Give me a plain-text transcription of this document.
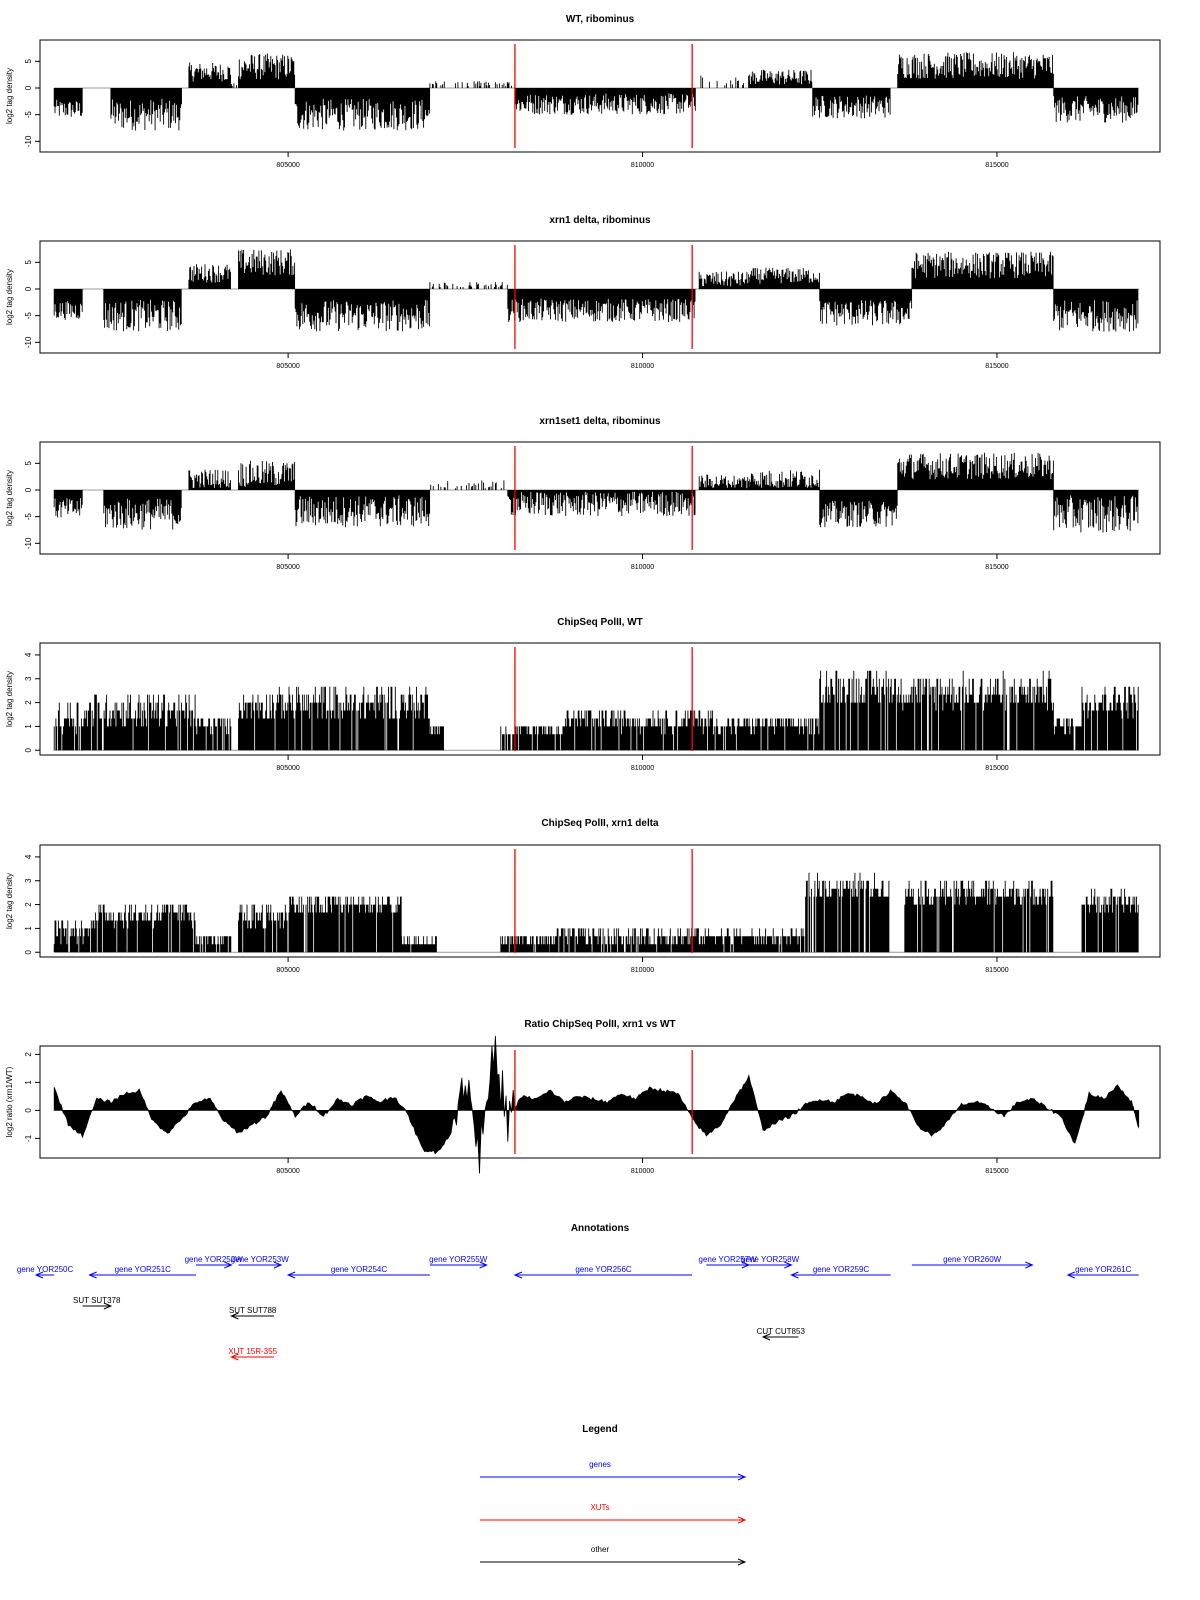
WT, ribominus
log2 tag density
-10
-5
0
5
805000	810000	815000
xrn1 delta, ribominus
log2 tag density
-10
-5
0
5
805000	810000	815000
xrn1set1 delta, ribominus
log2 tag density
-10
-5
0
5
805000	810000	815000
ChipSeq PolII, WT
log2 tag density
0
1
2
3
4
805000	810000	815000
ChipSeq PolII, xrn1 delta
log2 tag density
0
1
2
3
4
805000	810000	815000
Ratio ChipSeq PolII, xrn1 vs WT
log2 ratio (xrn1/WT)
-1
0
1
2
805000	810000	815000
Annotations
gene YOR250C	gene YOR251C
gene YOR252W
gene YOR253W
gene YOR254C
gene YOR255W
gene YOR256C
gene YOR257W
gene YOR258W
gene YOR259C
gene YOR260W
gene YOR261C
SUT SUT378
SUT SUT788
CUT CUT853
XUT 15R-355
Legend
genes
XUTs
other
